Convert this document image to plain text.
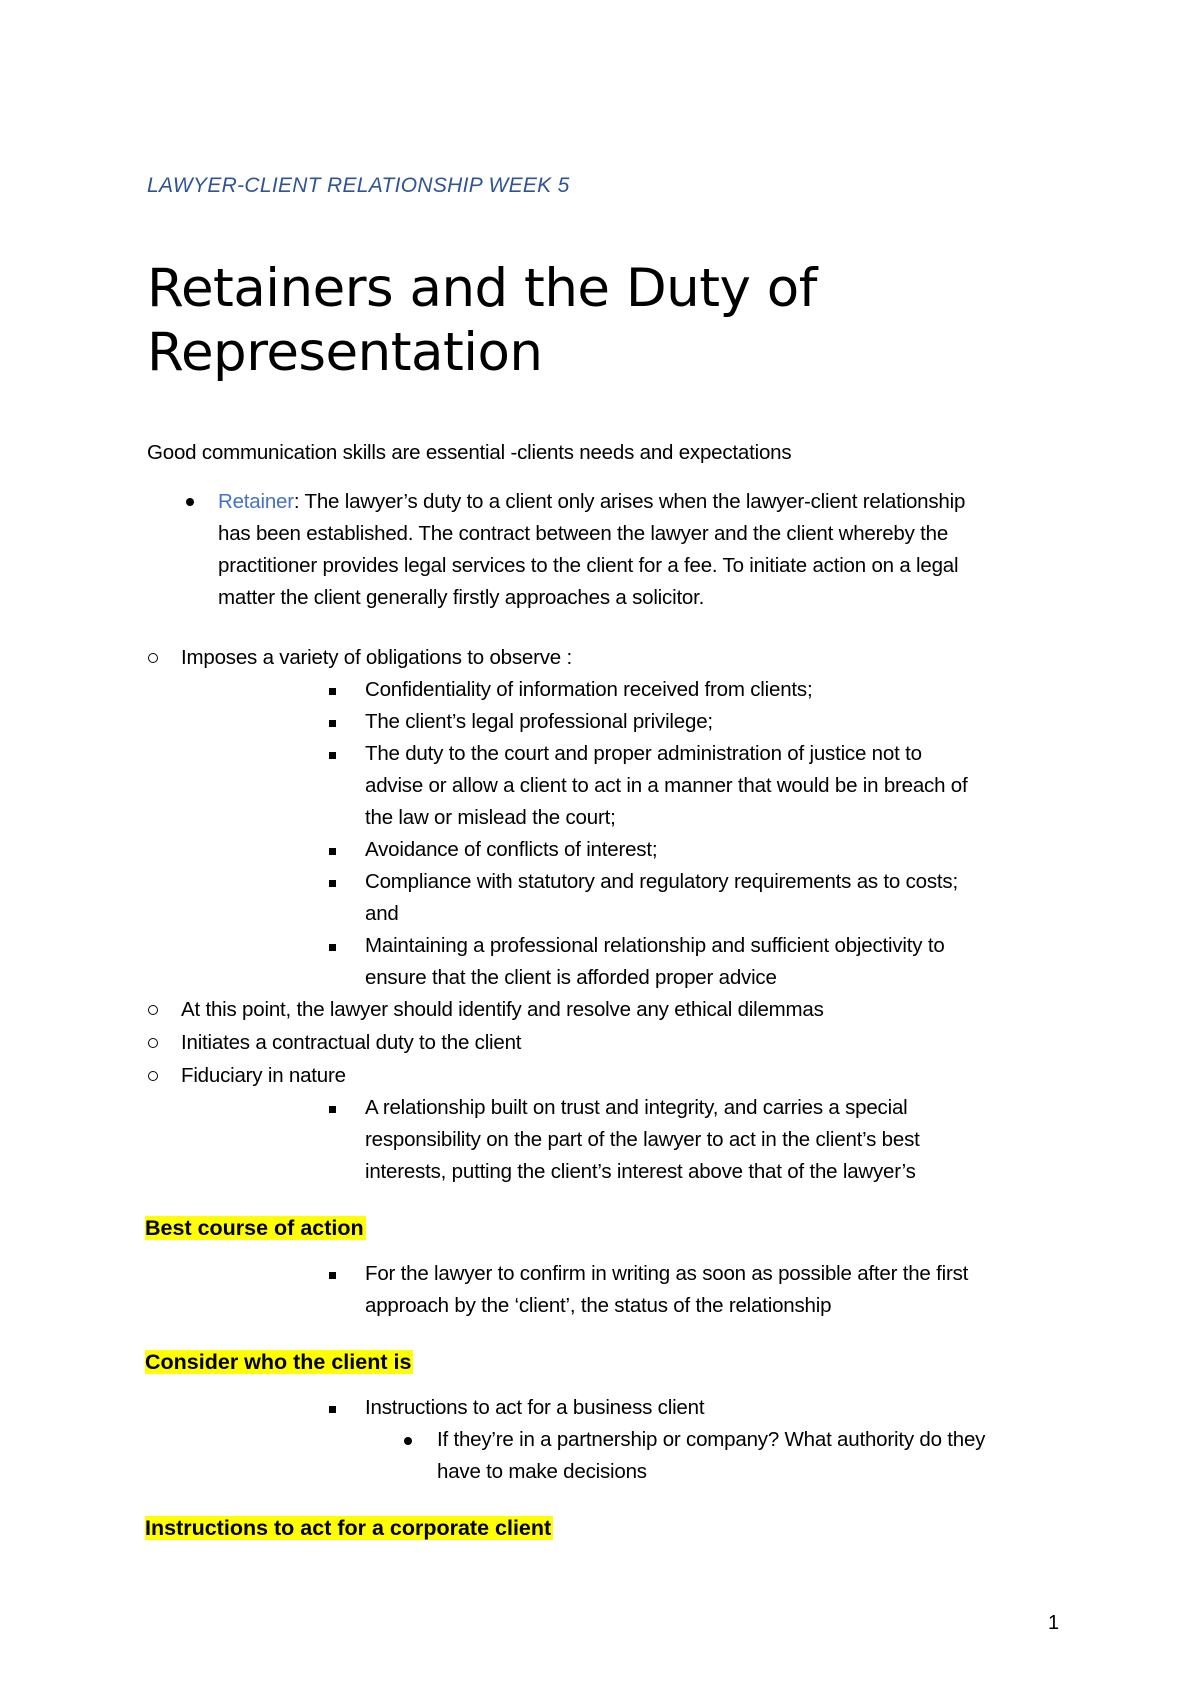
LAWYER-CLIENT RELATIONSHIP WEEK 5
Retainers and the Duty of
Representation
Good communication skills are essential -clients needs and expectations
Retainer: The lawyer’s duty to a client only arises when the lawyer-client relationship
has been established. The contract between the lawyer and the client whereby the
practitioner provides legal services to the client for a fee. To initiate action on a legal
matter the client generally firstly approaches a solicitor.
Imposes a variety of obligations to observe :
Confidentiality of information received from clients;
The client’s legal professional privilege;
The duty to the court and proper administration of justice not to
advise or allow a client to act in a manner that would be in breach of
the law or mislead the court;
Avoidance of conflicts of interest;
Compliance with statutory and regulatory requirements as to costs;
and
Maintaining a professional relationship and sufficient objectivity to
ensure that the client is afforded proper advice
At this point, the lawyer should identify and resolve any ethical dilemmas
Initiates a contractual duty to the client
Fiduciary in nature
A relationship built on trust and integrity, and carries a special
responsibility on the part of the lawyer to act in the client’s best
interests, putting the client’s interest above that of the lawyer’s
Best course of action
For the lawyer to confirm in writing as soon as possible after the first
approach by the ‘client’, the status of the relationship
Consider who the client is
Instructions to act for a business client
If they’re in a partnership or company? What authority do they
have to make decisions
Instructions to act for a corporate client
1
